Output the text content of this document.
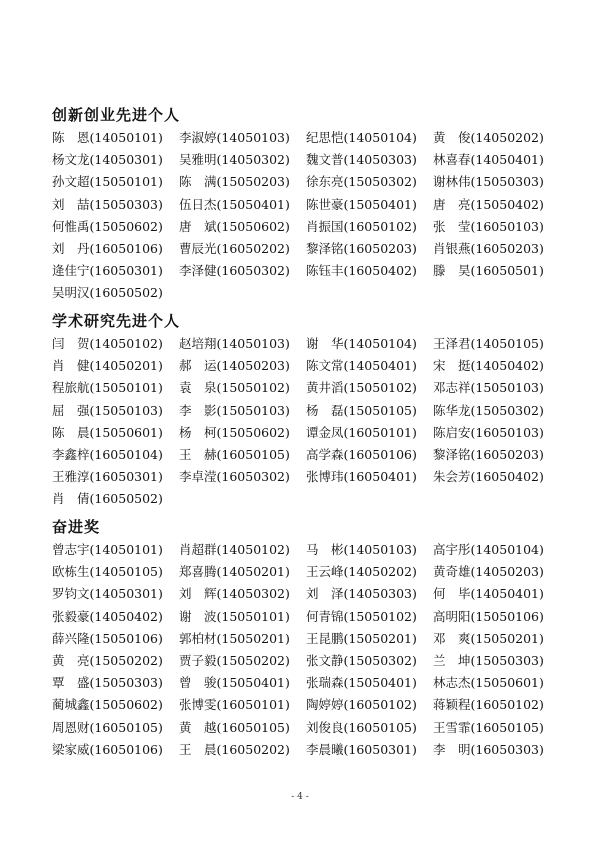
创新创业先进个人
陈　恩(14050101)	李淑婷(14050103)	纪思恺(14050104)	黄　俊(14050202)
杨文龙(14050301)	吴雅明(14050302)	魏文普(14050303)	林喜春(14050401)
孙文超(15050101)	陈　满(15050203)	徐东亮(15050302)	谢林伟(15050303)
刘　喆(15050303)	伍日杰(15050401)	陈世豪(15050401)	唐　亮(15050402)
何惟禹(15050602)	唐　斌(15050602)	肖振国(16050102)	张　莹(16050103)
刘　丹(16050106)	曹辰光(16050202)	黎泽铭(16050203)	肖银燕(16050203)
逄佳宁(16050301)	李泽健(16050302)	陈钰丰(16050402)	滕　昊(16050501)
吴明汉(16050502)
学术研究先进个人
闫　贺(14050102)	赵培翔(14050103)	谢　华(14050104)	王泽君(14050105)
肖　健(14050201)	郝　运(14050203)	陈文常(14050401)	宋　挺(14050402)
程旅航(15050101)	袁　泉(15050102)	黄井滔(15050102)	邓志祥(15050103)
屈　强(15050103)	李　影(15050103)	杨　磊(15050105)	陈华龙(15050302)
陈　晨(15050601)	杨　柯(15050602)	谭金凤(16050101)	陈启安(16050103)
李鑫梓(16050104)	王　赫(16050105)	高学森(16050106)	黎泽铭(16050203)
王雅淳(16050301)	李卓滢(16050302)	张博玮(16050401)	朱会芳(16050402)
肖　倩(16050502)
奋进奖
曾志宇(14050101)	肖超群(14050102)	马　彬(14050103)	高宇彤(14050104)
欧栋生(14050105)	郑喜腾(14050201)	王云峰(14050202)	黄奇雄(14050203)
罗钧文(14050301)	刘　辉(14050302)	刘　泽(14050303)	何　毕(14050401)
张毅豪(14050402)	谢　波(15050101)	何青锦(15050102)	高明阳(15050106)
薛兴隆(15050106)	郭柏材(15050201)	王昆鹏(15050201)	邓　爽(15050201)
黄　亮(15050202)	贾子毅(15050202)	张文静(15050302)	兰　坤(15050303)
覃　盛(15050303)	曾　骏(15050401)	张瑞森(15050401)	林志杰(15050601)
蔺城鑫(15050602)	张博雯(16050101)	陶婷婷(16050102)	蒋颖程(16050102)
周恩财(16050105)	黄　越(16050105)	刘俊良(16050105)	王雪霏(16050105)
梁家威(16050106)	王　晨(16050202)	李晨曦(16050301)	李　明(16050303)
- 4 -
